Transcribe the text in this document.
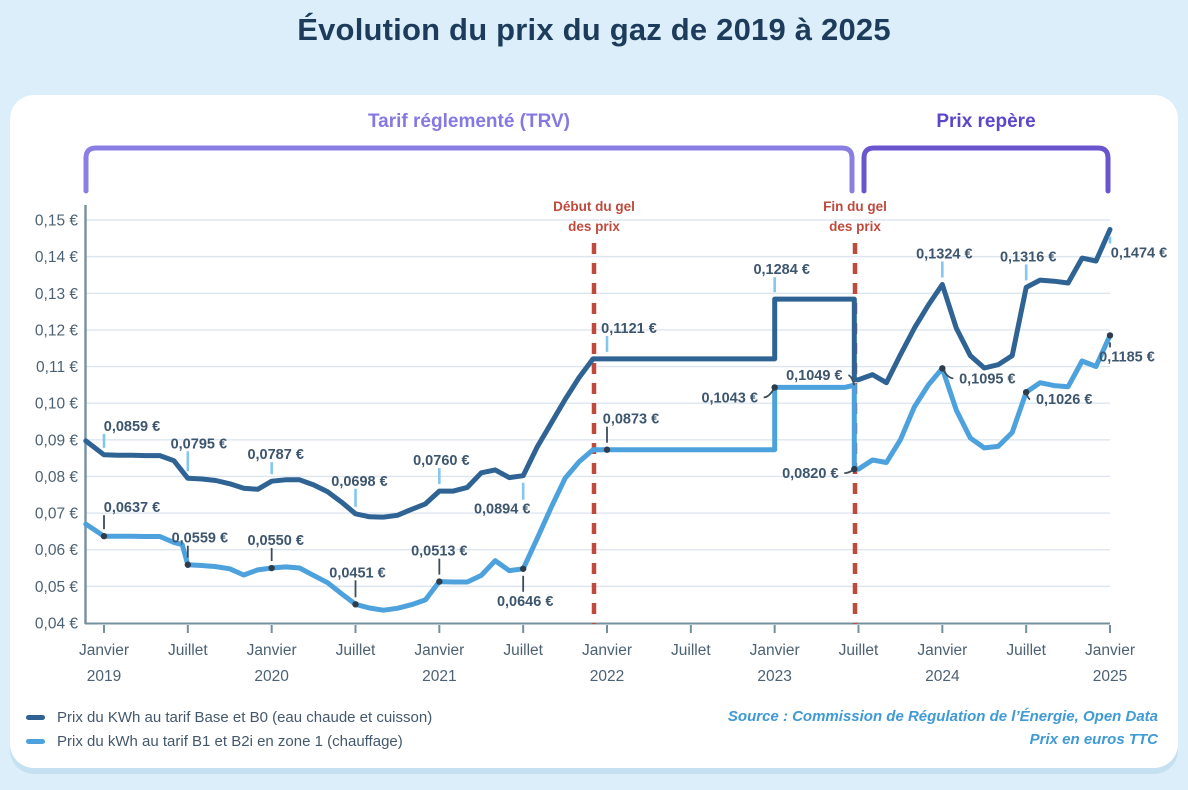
Évolution du prix du gaz de 2019 à 2025
0,15 €
0,14 €
0,13 €
0,12 €
0,11 €
0,10 €
0,09 €
0,08 €
0,07 €
0,06 €
0,05 €
0,04 €
Janvier
2019
Juillet	Janvier
2020
Juillet	Janvier
2021
Juillet	Janvier
2022
Juillet	Janvier
2023
Juillet	Janvier
2024
Juillet	Janvier
2025
Début du gel
des prix
Fin du gel
des prix
0,0859 €
0,0795 €
0,0787 €
0,0698 €
0,0760 €
0,0894 €
0,1121 €
0,1284 €
0,1324 € 0,1316 €	0,1474 €
0,0637 €
0,0559 € 0,0550 €
0,0451 €
0,0513 €
0,0646 €
0,0873 €
0,1043 €
0,1049 €
0,0820 €
0,1095 €
0,1026 €
0,1185 €
Tarif réglementé (TRV)	Prix repère
Prix du KWh au tarif Base et B0 (eau chaude et cuisson)
Prix du kWh au tarif B1 et B2i en zone 1 (chauffage)
Source : Commission de Régulation de l’Énergie, Open Data
Prix en euros TTC
